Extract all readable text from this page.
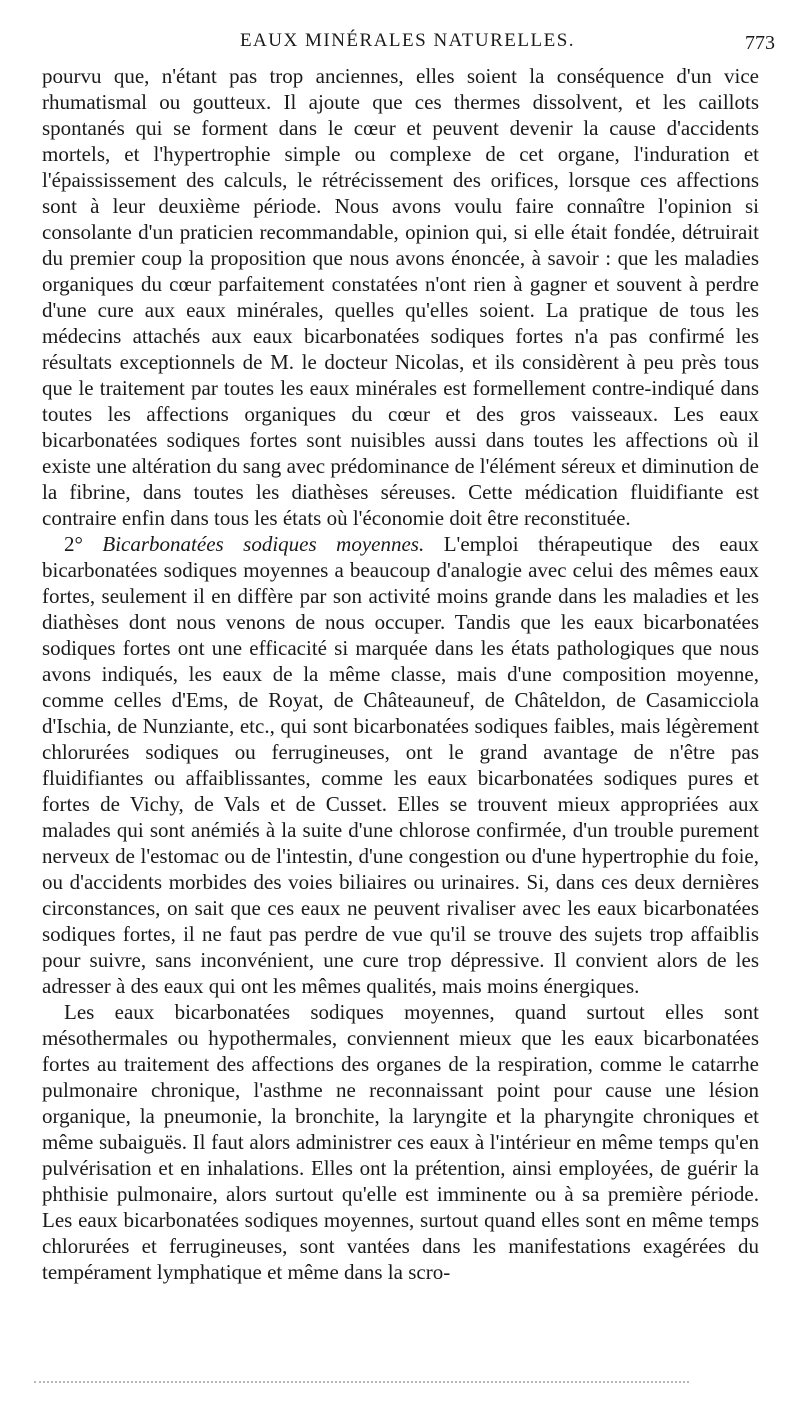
EAUX MINÉRALES NATURELLES.	773

pourvu que, n'étant pas trop anciennes, elles soient la conséquence d'un vice rhumatismal ou goutteux. Il ajoute que ces thermes dissolvent, et les caillots spontanés qui se forment dans le cœur et peuvent devenir la cause d'accidents mortels, et l'hypertrophie simple ou complexe de cet organe, l'induration et l'épaississement des calculs, le rétrécissement des orifices, lorsque ces affections sont à leur deuxième période. Nous avons voulu faire connaître l'opinion si consolante d'un praticien recommandable, opinion qui, si elle était fondée, détruirait du premier coup la proposition que nous avons énoncée, à savoir : que les maladies organiques du cœur parfaitement constatées n'ont rien à gagner et souvent à perdre d'une cure aux eaux minérales, quelles qu'elles soient. La pratique de tous les médecins attachés aux eaux bicarbonatées sodiques fortes n'a pas confirmé les résultats exceptionnels de M. le docteur Nicolas, et ils considèrent à peu près tous que le traitement par toutes les eaux minérales est formellement contre-indiqué dans toutes les affections organiques du cœur et des gros vaisseaux. Les eaux bicarbonatées sodiques fortes sont nuisibles aussi dans toutes les affections où il existe une altération du sang avec prédominance de l'élément séreux et diminution de la fibrine, dans toutes les diathèses séreuses. Cette médication fluidifiante est contraire enfin dans tous les états où l'économie doit être reconstituée.

2° Bicarbonatées sodiques moyennes. L'emploi thérapeutique des eaux bicarbonatées sodiques moyennes a beaucoup d'analogie avec celui des mêmes eaux fortes, seulement il en diffère par son activité moins grande dans les maladies et les diathèses dont nous venons de nous occuper. Tandis que les eaux bicarbonatées sodiques fortes ont une efficacité si marquée dans les états pathologiques que nous avons indiqués, les eaux de la même classe, mais d'une composition moyenne, comme celles d'Ems, de Royat, de Châteauneuf, de Châteldon, de Casamicciola d'Ischia, de Nunziante, etc., qui sont bicarbonatées sodiques faibles, mais légèrement chlorurées sodiques ou ferrugineuses, ont le grand avantage de n'être pas fluidifiantes ou affaiblissantes, comme les eaux bicarbonatées sodiques pures et fortes de Vichy, de Vals et de Cusset. Elles se trouvent mieux appropriées aux malades qui sont anémiés à la suite d'une chlorose confirmée, d'un trouble purement nerveux de l'estomac ou de l'intestin, d'une congestion ou d'une hypertrophie du foie, ou d'accidents morbides des voies biliaires ou urinaires. Si, dans ces deux dernières circonstances, on sait que ces eaux ne peuvent rivaliser avec les eaux bicarbonatées sodiques fortes, il ne faut pas perdre de vue qu'il se trouve des sujets trop affaiblis pour suivre, sans inconvénient, une cure trop dépressive. Il convient alors de les adresser à des eaux qui ont les mêmes qualités, mais moins énergiques.

Les eaux bicarbonatées sodiques moyennes, quand surtout elles sont mésothermales ou hypothermales, conviennent mieux que les eaux bicarbonatées fortes au traitement des affections des organes de la respiration, comme le catarrhe pulmonaire chronique, l'asthme ne reconnaissant point pour cause une lésion organique, la pneumonie, la bronchite, la laryngite et la pharyngite chroniques et même subaiguës. Il faut alors administrer ces eaux à l'intérieur en même temps qu'en pulvérisation et en inhalations. Elles ont la prétention, ainsi employées, de guérir la phthisie pulmonaire, alors surtout qu'elle est imminente ou à sa première période. Les eaux bicarbonatées sodiques moyennes, surtout quand elles sont en même temps chlorurées et ferrugineuses, sont vantées dans les manifestations exagérées du tempérament lymphatique et même dans la scro-
